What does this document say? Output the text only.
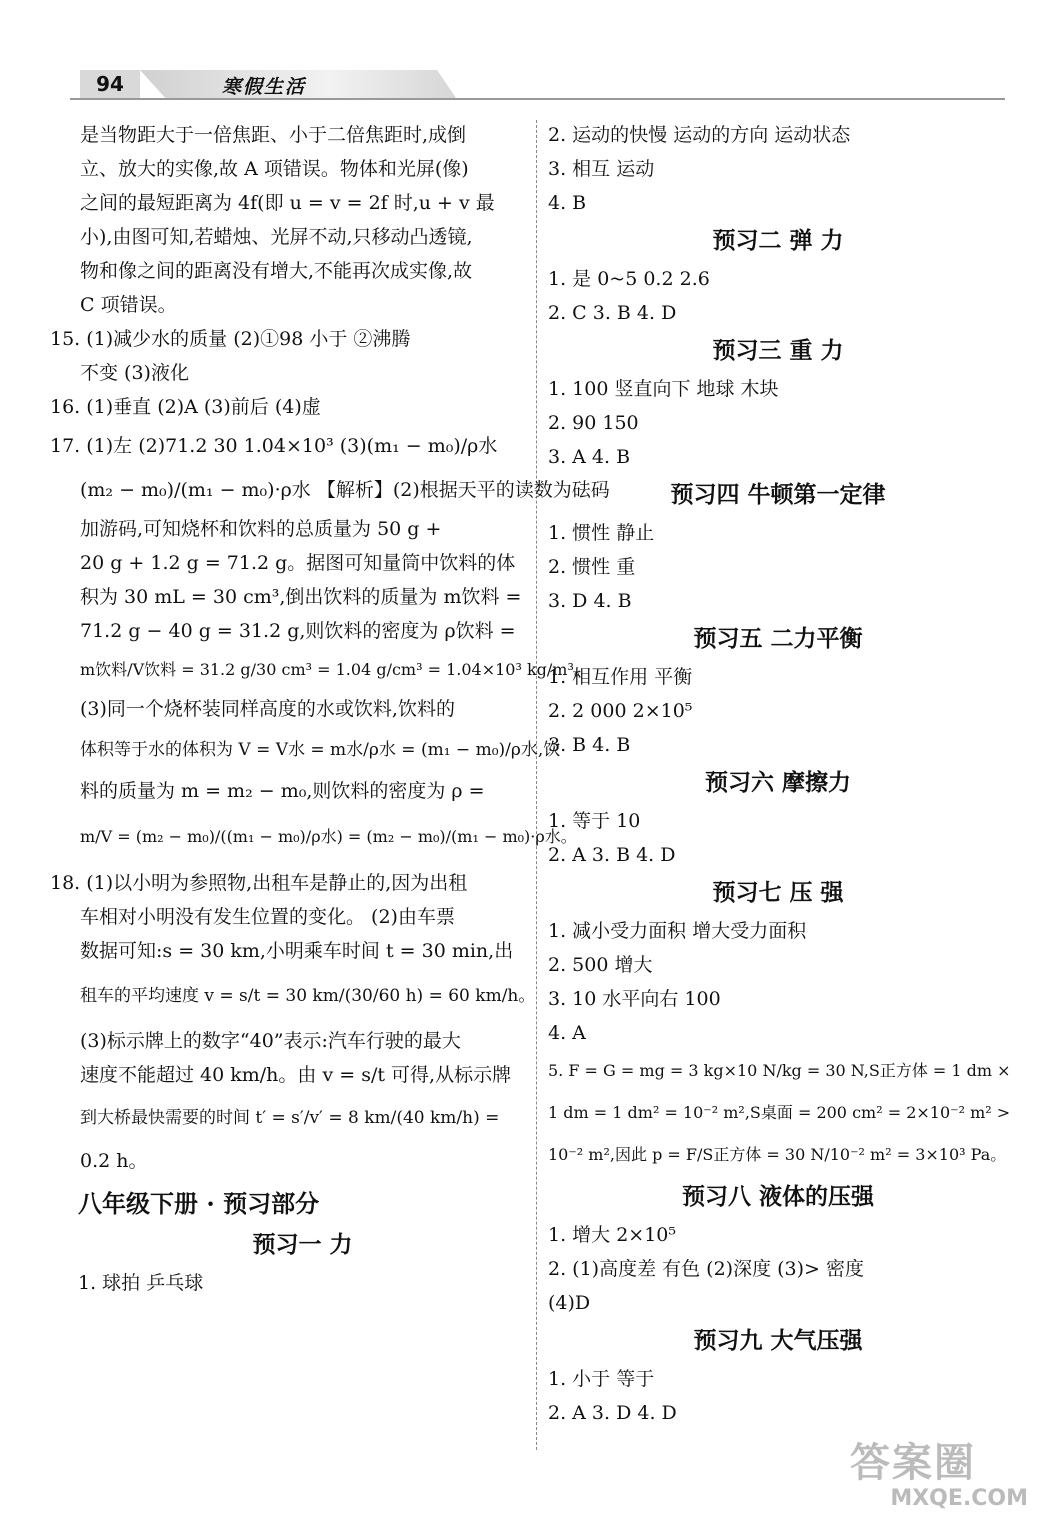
94	寒假生活
是当物距大于一倍焦距、小于二倍焦距时,成倒
立、放大的实像,故 A 项错误。物体和光屏(像)
之间的最短距离为 4f(即 u = v = 2f 时,u + v 最
小),由图可知,若蜡烛、光屏不动,只移动凸透镜,
物和像之间的距离没有增大,不能再次成实像,故
C 项错误。
15. (1)减少水的质量 (2)①98 小于 ②沸腾
不变 (3)液化
16. (1)垂直 (2)A (3)前后 (4)虚
17. (1)左 (2)71.2 30 1.04×10³ (3)(m₁ − m₀)/ρ水
(m₂ − m₀)/(m₁ − m₀)·ρ水 【解析】(2)根据天平的读数为砝码
加游码,可知烧杯和饮料的总质量为 50 g +
20 g + 1.2 g = 71.2 g。据图可知量筒中饮料的体
积为 30 mL = 30 cm³,倒出饮料的质量为 m饮料 =
71.2 g − 40 g = 31.2 g,则饮料的密度为 ρ饮料 =
m饮料/V饮料 = 31.2 g/30 cm³ = 1.04 g/cm³ = 1.04×10³ kg/m³。
(3)同一个烧杯装同样高度的水或饮料,饮料的
体积等于水的体积为 V = V水 = m水/ρ水 = (m₁ − m₀)/ρ水,饮
料的质量为 m = m₂ − m₀,则饮料的密度为 ρ =
m/V = (m₂ − m₀)/((m₁ − m₀)/ρ水) = (m₂ − m₀)/(m₁ − m₀)·ρ水。
18. (1)以小明为参照物,出租车是静止的,因为出租
车相对小明没有发生位置的变化。 (2)由车票
数据可知:s = 30 km,小明乘车时间 t = 30 min,出
租车的平均速度 v = s/t = 30 km/(30/60 h) = 60 km/h。
(3)标示牌上的数字“40”表示:汽车行驶的最大
速度不能超过 40 km/h。由 v = s/t 可得,从标示牌
到大桥最快需要的时间 t′ = s′/v′ = 8 km/(40 km/h) =
0.2 h。
八年级下册 · 预习部分
预习一 力
1. 球拍 乒乓球
2. 运动的快慢 运动的方向 运动状态
3. 相互 运动
4. B
预习二 弹 力
1. 是 0~5 0.2 2.6
2. C 3. B 4. D
预习三 重 力
1. 100 竖直向下 地球 木块
2. 90 150
3. A 4. B
预习四 牛顿第一定律
1. 惯性 静止
2. 惯性 重
3. D 4. B
预习五 二力平衡
1. 相互作用 平衡
2. 2 000 2×10⁵
3. B 4. B
预习六 摩擦力
1. 等于 10
2. A 3. B 4. D
预习七 压 强
1. 减小受力面积 增大受力面积
2. 500 增大
3. 10 水平向右 100
4. A
5. F = G = mg = 3 kg×10 N/kg = 30 N,S正方体 = 1 dm ×
1 dm = 1 dm² = 10⁻² m²,S桌面 = 200 cm² = 2×10⁻² m² >
10⁻² m²,因此 p = F/S正方体 = 30 N/10⁻² m² = 3×10³ Pa。
预习八 液体的压强
1. 增大 2×10⁵
2. (1)高度差 有色 (2)深度 (3)> 密度
(4)D
预习九 大气压强
1. 小于 等于
2. A 3. D 4. D
答案圈
MXQE.COM
